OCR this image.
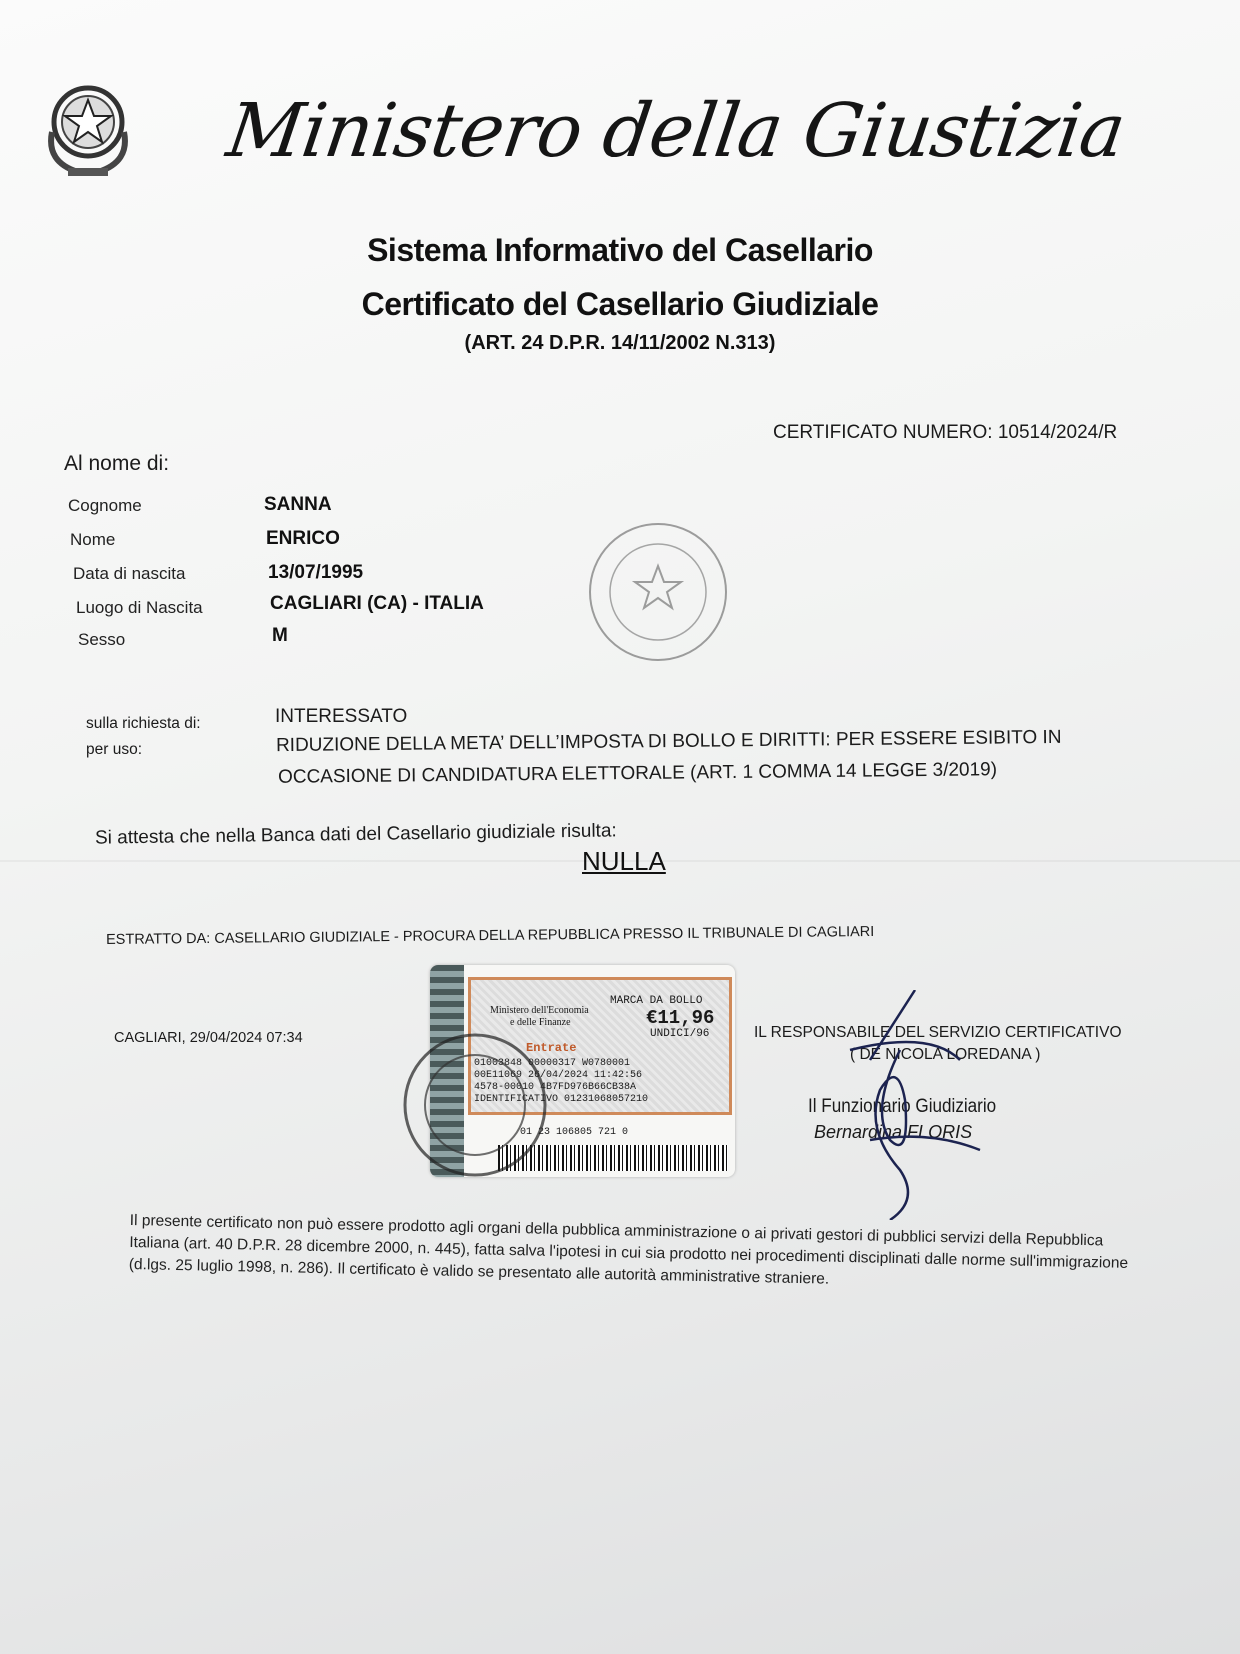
Ministero della Giustizia
Sistema Informativo del Casellario
Certificato del Casellario Giudiziale
(ART. 24 D.P.R. 14/11/2002 N.313)
CERTIFICATO NUMERO: 10514/2024/R
Al nome di:
Cognome	SANNA
Nome	ENRICO
Data di nascita	13/07/1995
Luogo di Nascita	CAGLIARI (CA) - ITALIA
Sesso	M
sulla richiesta di:	INTERESSATO
per uso:	RIDUZIONE DELLA META’ DELL’IMPOSTA DI BOLLO E DIRITTI: PER ESSERE ESIBITO IN
OCCASIONE DI CANDIDATURA ELETTORALE (ART. 1 COMMA 14 LEGGE 3/2019)
Si attesta che nella Banca dati del Casellario giudiziale risulta:
NULLA
ESTRATTO DA: CASELLARIO GIUDIZIALE - PROCURA DELLA REPUBBLICA PRESSO IL TRIBUNALE DI CAGLIARI
CAGLIARI, 29/04/2024 07:34
Ministero dell'Economia
e delle Finanze
MARCA DA BOLLO
€11,96
UNDICI/96
Entrate
01003848 00000317 W0780001
00E11069 26/04/2024 11:42:56
4578-00010 4B7FD976B66CB38A
IDENTIFICATIVO 01231068057210
01 23 106805 721 0
IL RESPONSABILE DEL SERVIZIO CERTIFICATIVO
( DE NICOLA LOREDANA )
Il Funzionario Giudiziario
Bernardina FLORIS
Il presente certificato non può essere prodotto agli organi della pubblica amministrazione o ai privati gestori di pubblici servizi della Repubblica Italiana (art. 40 D.P.R. 28 dicembre 2000, n. 445), fatta salva l'ipotesi in cui sia prodotto nei procedimenti disciplinati dalle norme sull'immigrazione (d.lgs. 25 luglio 1998, n. 286). Il certificato è valido se presentato alle autorità amministrative straniere.
